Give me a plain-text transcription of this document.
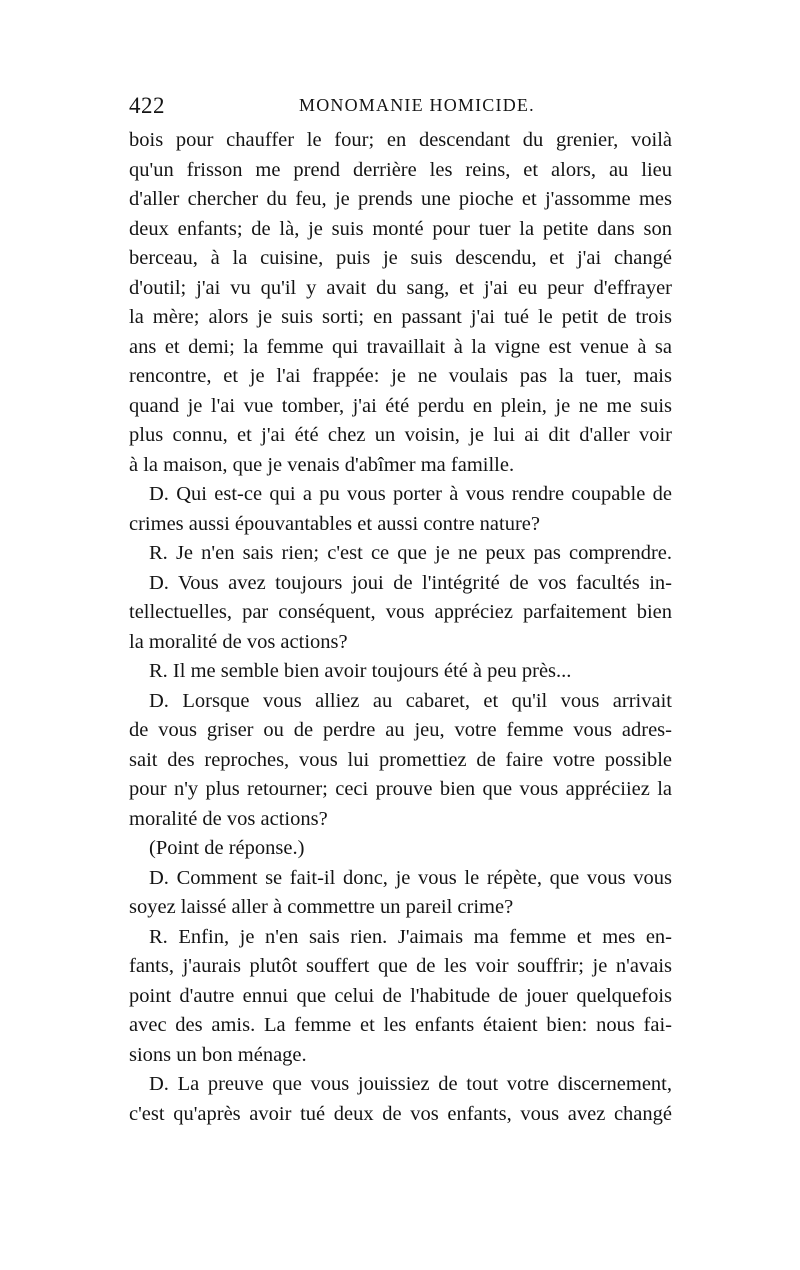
422	MONOMANIE HOMICIDE.
bois pour chauffer le four; en descendant du grenier, voilà
qu'un frisson me prend derrière les reins, et alors, au lieu
d'aller chercher du feu, je prends une pioche et j'assomme mes
deux enfants; de là, je suis monté pour tuer la petite dans son
berceau, à la cuisine, puis je suis descendu, et j'ai changé
d'outil; j'ai vu qu'il y avait du sang, et j'ai eu peur d'effrayer
la mère; alors je suis sorti; en passant j'ai tué le petit de trois
ans et demi; la femme qui travaillait à la vigne est venue à sa
rencontre, et je l'ai frappée: je ne voulais pas la tuer, mais
quand je l'ai vue tomber, j'ai été perdu en plein, je ne me suis
plus connu, et j'ai été chez un voisin, je lui ai dit d'aller voir
à la maison, que je venais d'abîmer ma famille.
D. Qui est-ce qui a pu vous porter à vous rendre coupable de
crimes aussi épouvantables et aussi contre nature?
R. Je n'en sais rien; c'est ce que je ne peux pas comprendre.
D. Vous avez toujours joui de l'intégrité de vos facultés in-
tellectuelles, par conséquent, vous appréciez parfaitement bien
la moralité de vos actions?
R. Il me semble bien avoir toujours été à peu près...
D. Lorsque vous alliez au cabaret, et qu'il vous arrivait
de vous griser ou de perdre au jeu, votre femme vous adres-
sait des reproches, vous lui promettiez de faire votre possible
pour n'y plus retourner; ceci prouve bien que vous appréciiez la
moralité de vos actions?
(Point de réponse.)
D. Comment se fait-il donc, je vous le répète, que vous vous
soyez laissé aller à commettre un pareil crime?
R. Enfin, je n'en sais rien. J'aimais ma femme et mes en-
fants, j'aurais plutôt souffert que de les voir souffrir; je n'avais
point d'autre ennui que celui de l'habitude de jouer quelquefois
avec des amis. La femme et les enfants étaient bien: nous fai-
sions un bon ménage.
D. La preuve que vous jouissiez de tout votre discernement,
c'est qu'après avoir tué deux de vos enfants, vous avez changé
